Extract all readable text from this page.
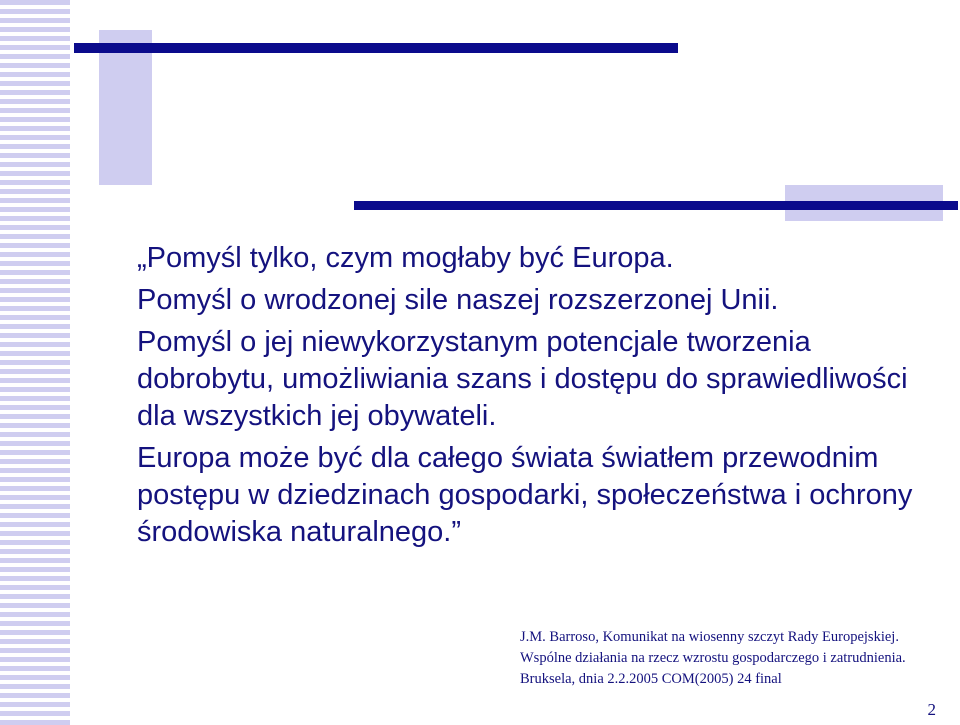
„Pomyśl tylko, czym mogłaby być Europa.

Pomyśl o wrodzonej sile naszej rozszerzonej Unii.

Pomyśl o jej niewykorzystanym potencjale tworzenia dobrobytu, umożliwiania szans i dostępu do sprawiedliwości dla wszystkich jej obywateli.

Europa może być dla całego świata światłem przewodnim postępu w dziedzinach gospodarki, społeczeństwa i ochrony środowiska naturalnego.”

J.M. Barroso, Komunikat na wiosenny szczyt Rady Europejskiej.

Wspólne działania na rzecz wzrostu gospodarczego i zatrudnienia.

Bruksela, dnia 2.2.2005 COM(2005) 24 final

2
